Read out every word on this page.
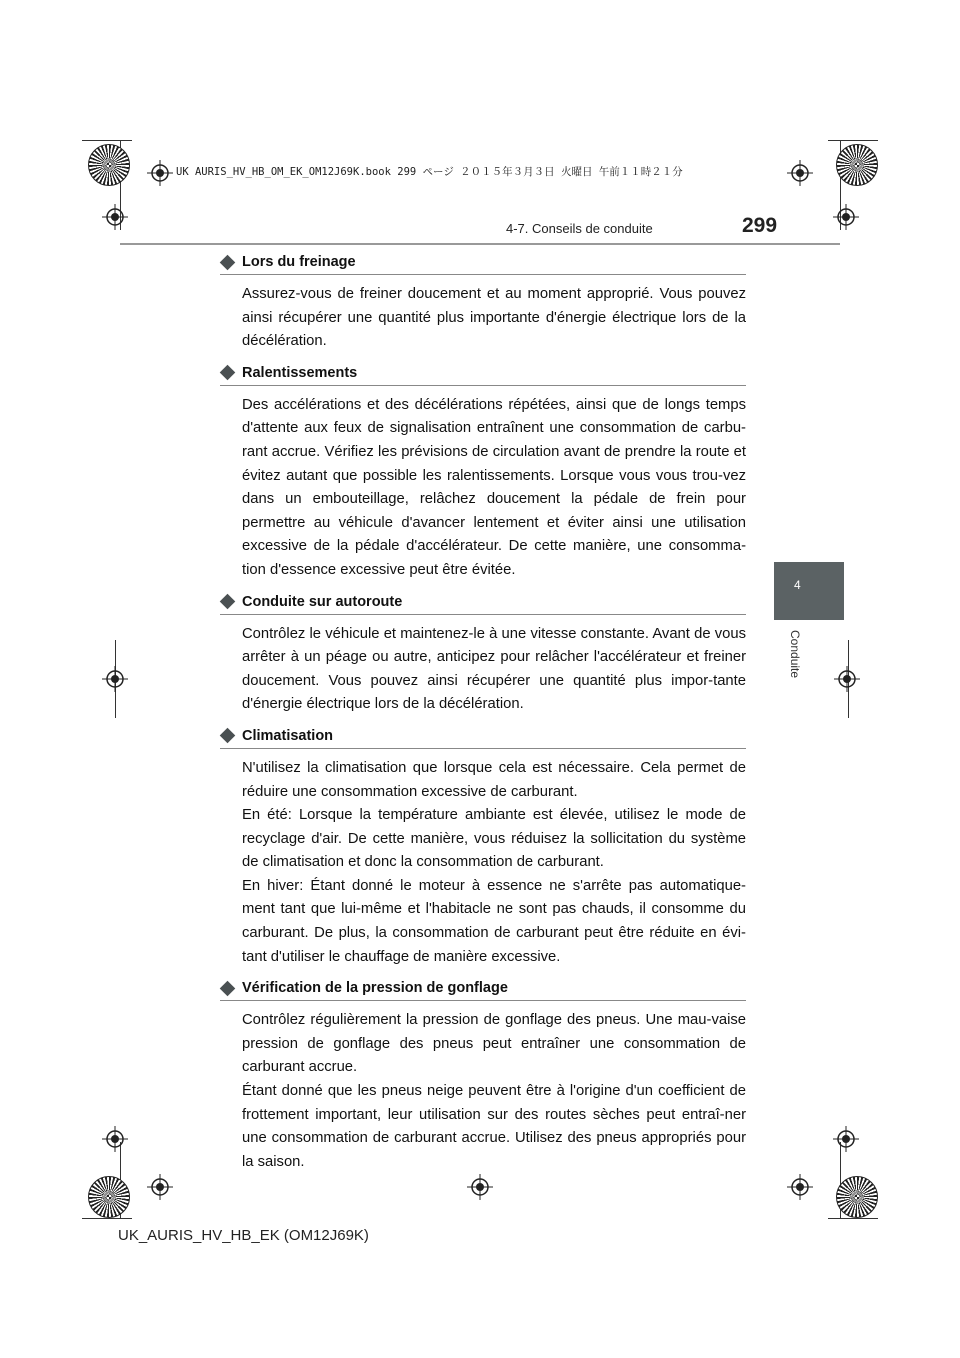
UK AURIS_HV_HB_OM_EK_OM12J69K.book 299 ページ ２０１５年３月３日 火曜日 午前１１時２１分
4-7. Conseils de conduite	299
4
Conduite
Lors du freinage

Assurez-vous de freiner doucement et au moment approprié. Vous pouvez ainsi récupérer une quantité plus importante d'énergie électrique lors de la décélération.

Ralentissements

Des accélérations et des décélérations répétées, ainsi que de longs temps d'attente aux feux de signalisation entraînent une consommation de carbu-rant accrue. Vérifiez les prévisions de circulation avant de prendre la route et évitez autant que possible les ralentissements. Lorsque vous vous trou-vez dans un embouteillage, relâchez doucement la pédale de frein pour permettre au véhicule d'avancer lentement et éviter ainsi une utilisation excessive de la pédale d'accélérateur. De cette manière, une consomma-tion d'essence excessive peut être évitée.

Conduite sur autoroute

Contrôlez le véhicule et maintenez-le à une vitesse constante. Avant de vous arrêter à un péage ou autre, anticipez pour relâcher l'accélérateur et freiner doucement. Vous pouvez ainsi récupérer une quantité plus impor-tante d'énergie électrique lors de la décélération.

Climatisation

N'utilisez la climatisation que lorsque cela est nécessaire. Cela permet de réduire une consommation excessive de carburant.

En été: Lorsque la température ambiante est élevée, utilisez le mode de recyclage d'air. De cette manière, vous réduisez la sollicitation du système de climatisation et donc la consommation de carburant.

En hiver: Étant donné le moteur à essence ne s'arrête pas automatique-ment tant que lui-même et l'habitacle ne sont pas chauds, il consomme du carburant. De plus, la consommation de carburant peut être réduite en évi-tant d'utiliser le chauffage de manière excessive.

Vérification de la pression de gonflage

Contrôlez régulièrement la pression de gonflage des pneus. Une mau-vaise pression de gonflage des pneus peut entraîner une consommation de carburant accrue.

Étant donné que les pneus neige peuvent être à l'origine d'un coefficient de frottement important, leur utilisation sur des routes sèches peut entraî-ner une consommation de carburant accrue. Utilisez des pneus appropriés pour la saison.

UK_AURIS_HV_HB_EK (OM12J69K)
